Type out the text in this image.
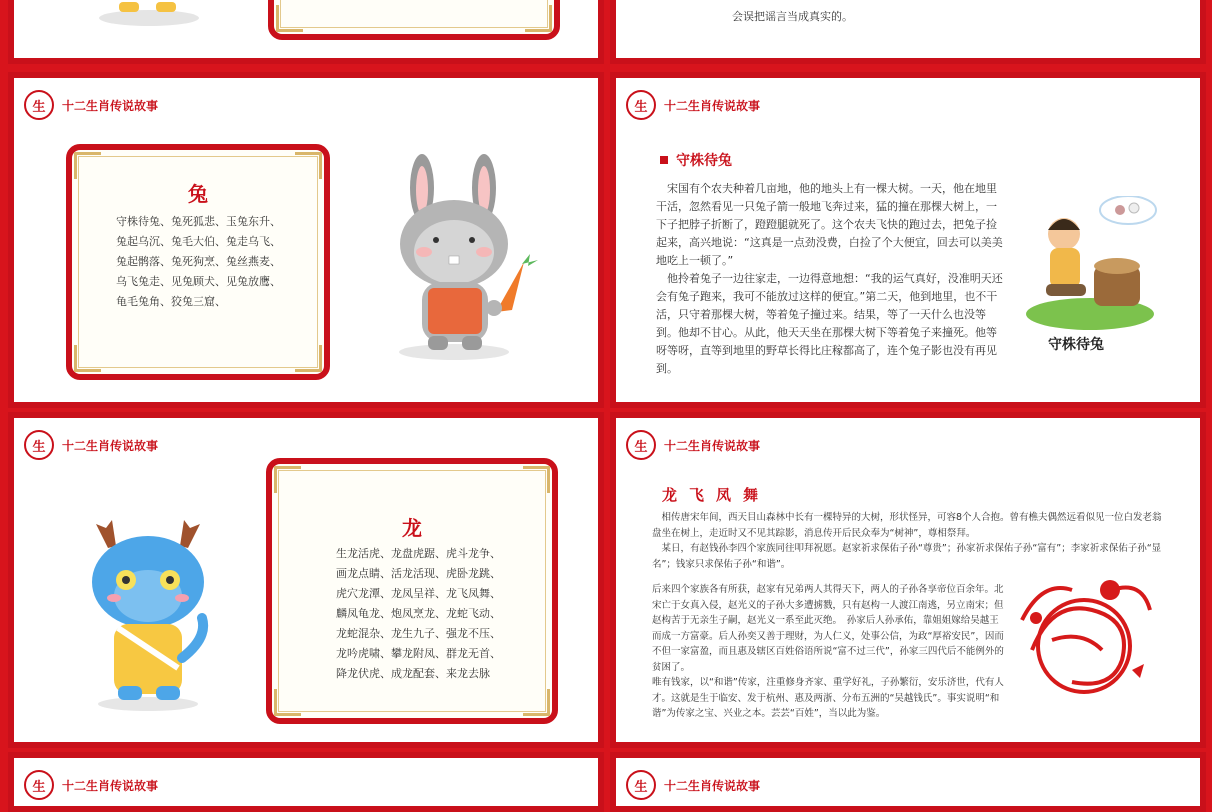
会误把谣言当成真实的。
生	十二生肖传说故事
兔
守株待兔、兔死狐悲、玉兔东升、
兔起乌沉、兔毛大伯、兔走乌飞、
兔起鹘落、兔死狗烹、兔丝燕麦、
乌飞兔走、见兔顾犬、见兔放鹰、
龟毛兔角、狡兔三窟、
生	十二生肖传说故事
守株待兔

宋国有个农夫种着几亩地，他的地头上有一棵大树。一天，他在地里干活，忽然看见一只兔子箭一般地飞奔过来，猛的撞在那棵大树上，一下子把脖子折断了，蹬蹬腿就死了。这个农夫飞快的跑过去，把兔子捡起来，高兴地说：“这真是一点劲没费，白捡了个大便宜，回去可以美美地吃上一顿了。”

他拎着兔子一边往家走，一边得意地想：“我的运气真好，没准明天还会有兔子跑来，我可不能放过这样的便宜。”第二天，他到地里，也不干活，只守着那棵大树，等着兔子撞过来。结果，等了一天什么也没等到。他却不甘心。从此，他天天坐在那棵大树下等着兔子来撞死。他等呀等呀，直等到地里的野草长得比庄稼都高了，连个兔子影也没有再见到。

守株待兔
生	十二生肖传说故事
龙
生龙活虎、龙盘虎踞、虎斗龙争、
画龙点睛、活龙活现、虎卧龙跳、
虎穴龙潭、龙凤呈祥、龙飞凤舞、
麟凤龟龙、炮凤烹龙、龙蛇飞动、
龙蛇混杂、龙生九子、强龙不压、
龙吟虎啸、攀龙附凤、群龙无首、
降龙伏虎、成龙配套、来龙去脉
生	十二生肖传说故事
龙飞凤舞

相传唐宋年间，西天目山森林中长有一棵特异的大树，形状怪异，可容8个人合抱。曾有樵夫偶然远看似见一位白发老翁盘坐在树上，走近时又不见其踪影，消息传开后民众奉为“树神”，尊相祭拜。

某日，有赵钱孙李四个家族同往叩拜祝愿。赵家祈求保佑子孙“尊贵”；孙家祈求保佑子孙“富有”；李家祈求保佑子孙“显名”；钱家只求保佑子孙“和谐”。

后来四个家族各有所获，赵家有兄弟两人其得天下，两人的子孙各享帝位百余年。北宋亡于女真入侵，赵光义的子孙大多遭掳戮，只有赵构一人渡江南逃，另立南宋；但赵构苦于无亲生子嗣，赵光义一系至此灭绝。　孙家后人孙承佑，靠姐姐嫁给吴越王而成一方富豪。后人孙奕又善于理财，为人仁义，处事公信，为政“厚裕安民”，因而不但一家富盈，而且惠及辖区百姓俗语所说“富不过三代”，孙家三四代后不能例外的贫困了。

唯有钱家，以“和谐”传家，注重修身齐家、重学好礼，子孙繁衍，安乐济世，代有人才。这就是生于临安、发于杭州、惠及两浙、分布五洲的“吴越钱氏”。事实说明“和谐”为传家之宝、兴业之本。芸芸“百姓”，当以此为鉴。

生	十二生肖传说故事	生	十二生肖传说故事
